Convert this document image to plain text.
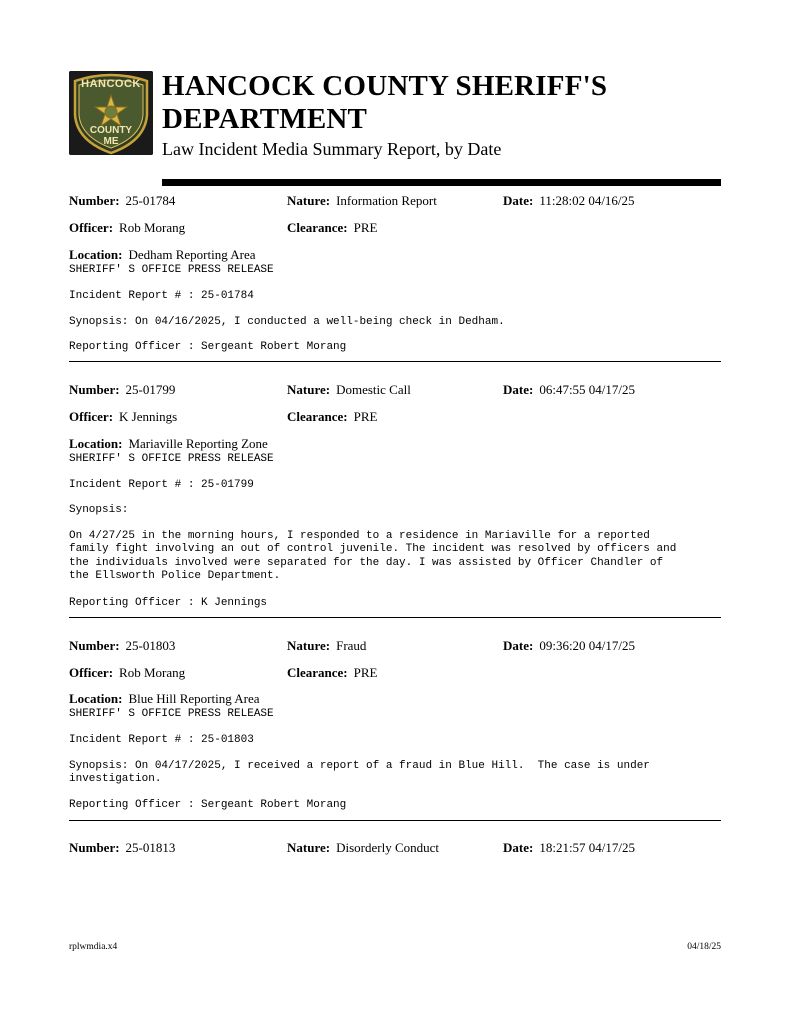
HANCOCK
COUNTY
ME
HANCOCK COUNTY SHERIFF'S
DEPARTMENT
Law Incident Media Summary Report, by Date
Number: 25-01784	Nature: Information Report	Date: 11:28:02 04/16/25
Officer: Rob Morang	Clearance: PRE
Location: Dedham Reporting Area
SHERIFF' S OFFICE PRESS RELEASE
Incident Report # : 25-01784
Synopsis: On 04/16/2025, I conducted a well-being check in Dedham.
Reporting Officer : Sergeant Robert Morang
Number: 25-01799	Nature: Domestic Call	Date: 06:47:55 04/17/25
Officer: K Jennings	Clearance: PRE
Location: Mariaville Reporting Zone
SHERIFF' S OFFICE PRESS RELEASE
Incident Report # : 25-01799
Synopsis:
On 4/27/25 in the morning hours, I responded to a residence in Mariaville for a reported
family fight involving an out of control juvenile. The incident was resolved by officers and
the individuals involved were separated for the day. I was assisted by Officer Chandler of
the Ellsworth Police Department.
Reporting Officer : K Jennings
Number: 25-01803	Nature: Fraud	Date: 09:36:20 04/17/25
Officer: Rob Morang	Clearance: PRE
Location: Blue Hill Reporting Area
SHERIFF' S OFFICE PRESS RELEASE
Incident Report # : 25-01803
Synopsis: On 04/17/2025, I received a report of a fraud in Blue Hill.  The case is under
investigation.
Reporting Officer : Sergeant Robert Morang
Number: 25-01813	Nature: Disorderly Conduct	Date: 18:21:57 04/17/25
rplwmdia.x4	04/18/25
